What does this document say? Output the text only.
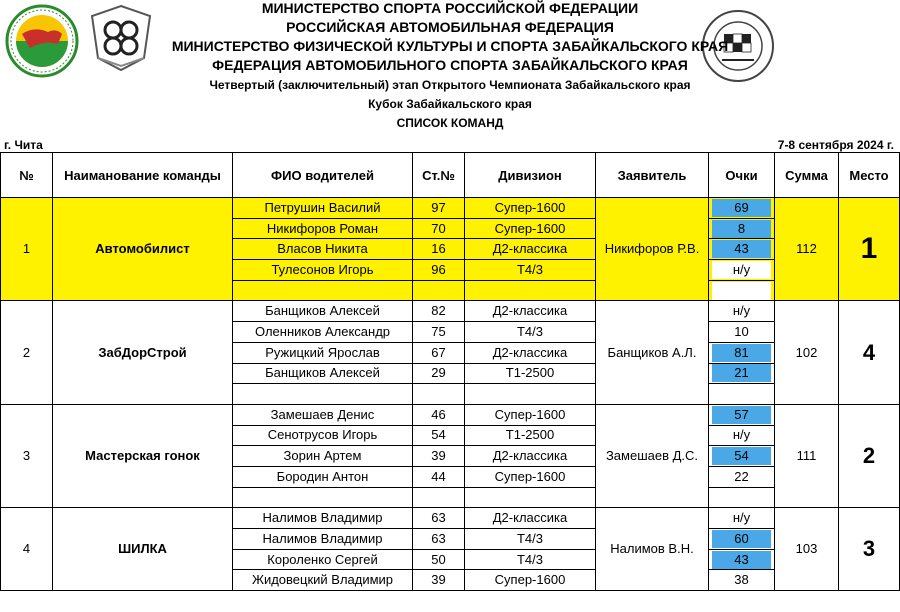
МИНИСТЕРСТВО СПОРТА РОССИЙСКОЙ ФЕДЕРАЦИИ
РОССИЙСКАЯ АВТОМОБИЛЬНАЯ ФЕДЕРАЦИЯ
МИНИСТЕРСТВО ФИЗИЧЕСКОЙ КУЛЬТУРЫ И СПОРТА ЗАБАЙКАЛЬСКОГО КРАЯ
ФЕДЕРАЦИЯ АВТОМОБИЛЬНОГО СПОРТА ЗАБАЙКАЛЬСКОГО КРАЯ
Четвертый (заключительный) этап Открытого Чемпионата Забайкальского края
Кубок Забайкальского края
СПИСОК КОМАНД
г. Чита	7-8 сентября 2024 г.
№	Наиманование команды	ФИО водителей	Ст.№	Дивизион	Заявитель	Очки	Сумма	Место
1	Автомобилист	Петрушин Василий	97	Супер-1600	Никифоров Р.В.	69	112	1
		Никифоров Роман	70	Супер-1600		8		

		Власов Никита	16	Д2-классика		43		

		Тулесонов Игорь	96	Т4/3		н/у		

2	ЗабДорСтрой	Банщиков Алексей	82	Д2-классика	Банщиков А.Л.	н/у	102	4
		Оленников Александр	75	Т4/3		10		

		Ружицкий Ярослав	67	Д2-классика		81		

		Банщиков Алексей	29	Т1-2500		21		

3	Мастерская гонок	Замешаев Денис	46	Супер-1600	Замешаев Д.С.	57	111	2
		Сенотрусов Игорь	54	Т1-2500		н/у		

		Зорин Артем	39	Д2-классика		54		

		Бородин Антон	44	Супер-1600		22		

4	ШИЛКА	Налимов Владимир	63	Д2-классика	Налимов В.Н.	н/у	103	3
		Налимов Владимир	63	Т4/3		60		

		Короленко Сергей	50	Т4/3		43		

		Жидовецкий Владимир	39	Супер-1600		38		
